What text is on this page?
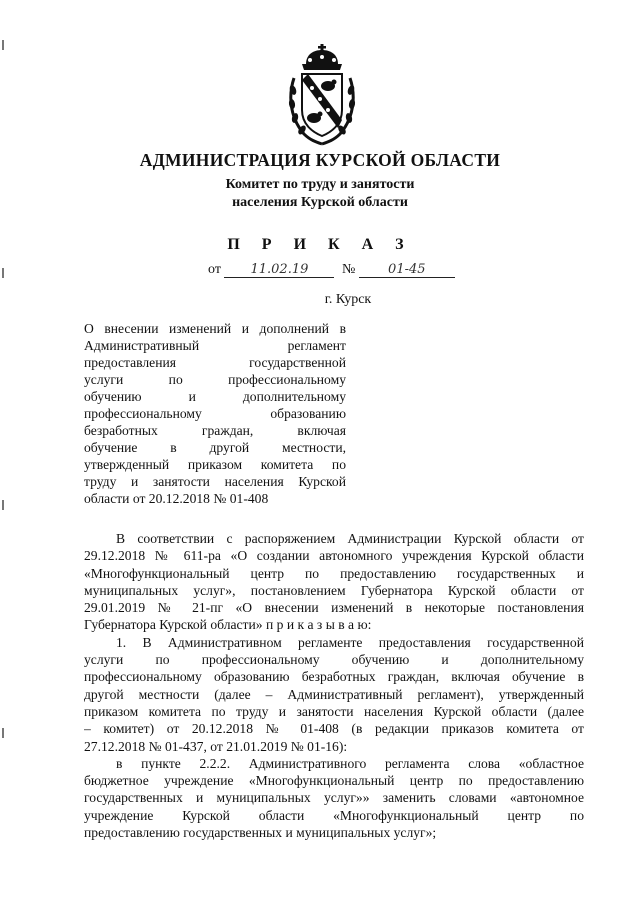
АДМИНИСТРАЦИЯ КУРСКОЙ ОБЛАСТИ
Комитет по труду и занятости
населения Курской области
П Р И К А З
от 11.02.19 №	01-45
г. Курск
О внесении изменений и дополнений в
Административный регламент
предоставления государственной
услуги по профессиональному
обучению и дополнительному
профессиональному образованию
безработных граждан, включая
обучение в другой местности,
утвержденный приказом комитета по
труду и занятости населения Курской
области от 20.12.2018 № 01-408
В соответствии с распоряжением Администрации Курской области от
29.12.2018 № 611-ра «О создании автономного учреждения Курской области
«Многофункциональный центр по предоставлению государственных и
муниципальных услуг», постановлением Губернатора Курской области от
29.01.2019 № 21-пг «О внесении изменений в некоторые постановления
Губернатора Курской области» п р и к а з ы в а ю:
1. В Административном регламенте предоставления государственной
услуги по профессиональному обучению и дополнительному
профессиональному образованию безработных граждан, включая обучение в
другой местности (далее – Административный регламент), утвержденный
приказом комитета по труду и занятости населения Курской области (далее
– комитет) от 20.12.2018 № 01-408 (в редакции приказов комитета от
27.12.2018 № 01-437, от 21.01.2019 № 01-16):
в пункте 2.2.2. Административного регламента слова «областное
бюджетное учреждение «Многофункциональный центр по предоставлению
государственных и муниципальных услуг»» заменить словами «автономное
учреждение Курской области «Многофункциональный центр по
предоставлению государственных и муниципальных услуг»;
